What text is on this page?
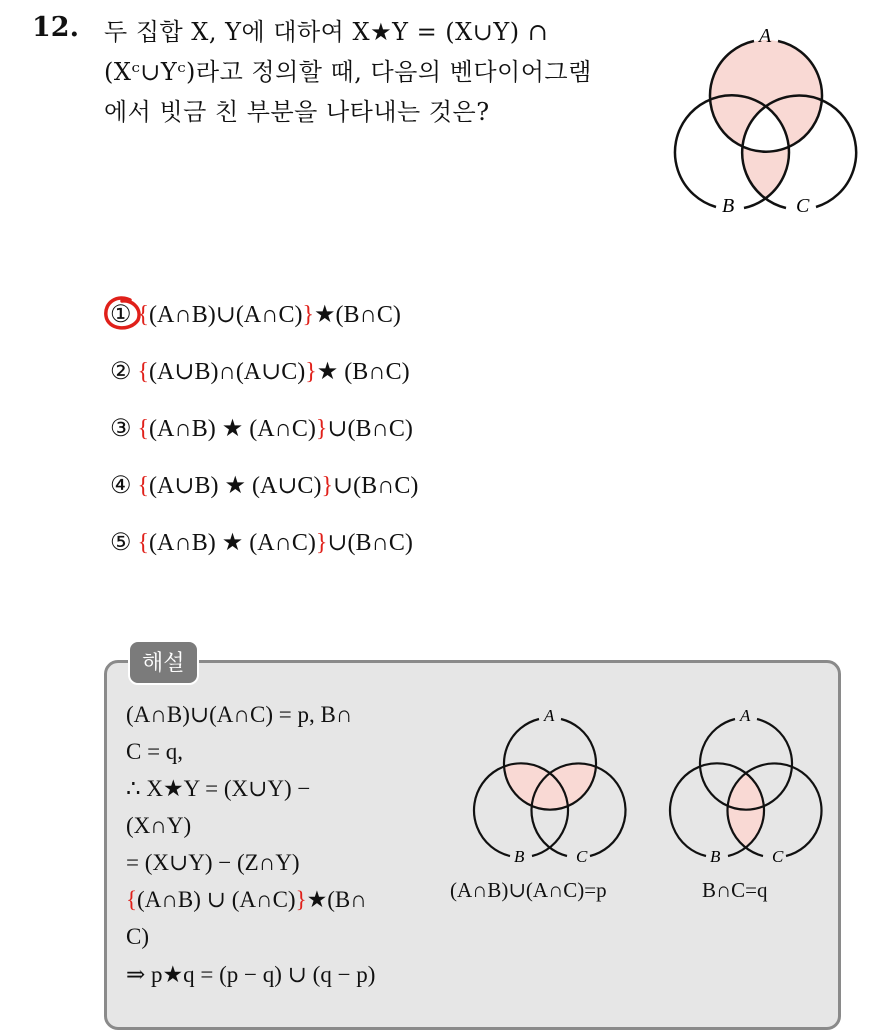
12. 두 집합 X, Y에 대하여 X★Y = (X∪Y) ∩
(Xᶜ∪Yᶜ)라고 정의할 때, 다음의 벤다이어그램
에서 빗금 친 부분을 나타내는 것은?
A
B	C
① {(A∩B)∪(A∩C)}★(B∩C)
② {(A∪B)∩(A∪C)}★ (B∩C)
③ {(A∩B) ★ (A∩C)}∪(B∩C)
④ {(A∪B) ★ (A∪C)}∪(B∩C)
⑤ {(A∩B) ★ (A∩C)}∪(B∩C)
해설
(A∩B)∪(A∩C) = p, B∩
C = q,
∴ X★Y = (X∪Y) −
(X∩Y)
= (X∪Y) − (Z∩Y)
{(A∩B) ∪ (A∩C)}★(B∩
C)
⇒ p★q = (p − q) ∪ (q − p)
A
B	C
(A∩B)∪(A∩C)=p
A
B	C
B∩C=q
